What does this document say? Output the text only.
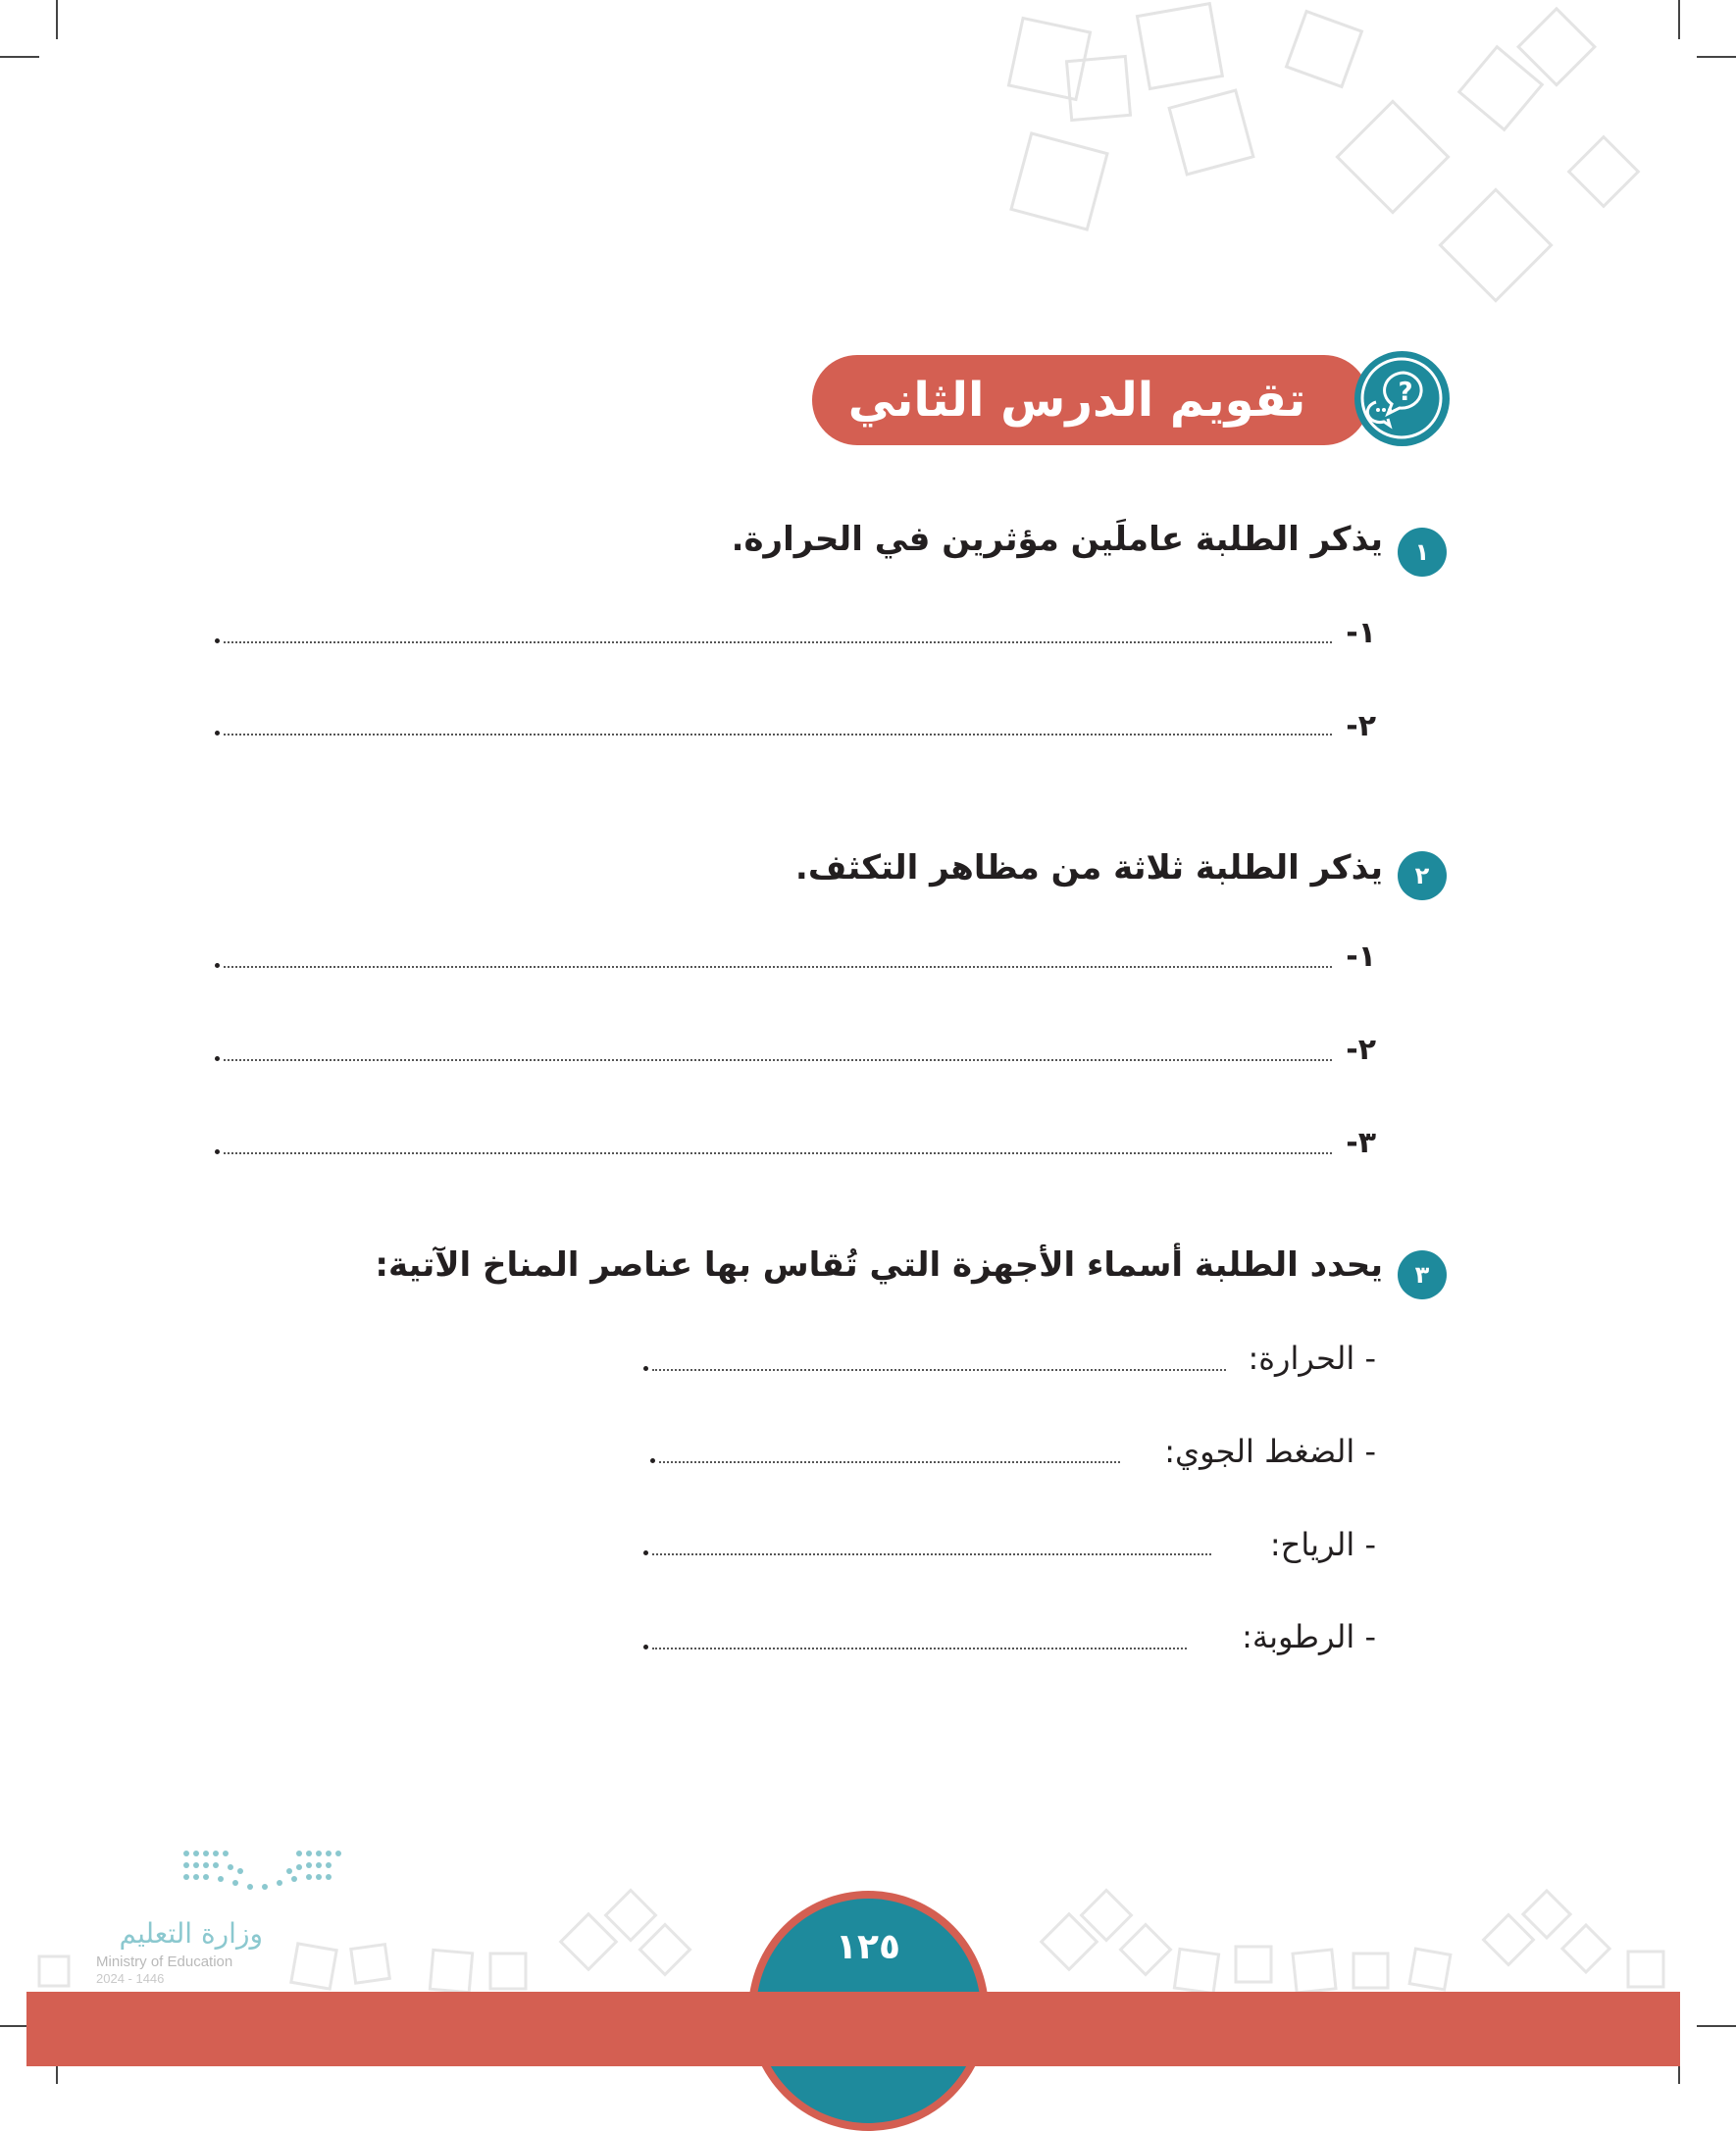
تقويم الدرس الثاني عشر
?
١
يذكر الطلبة عاملَين مؤثرين في الحرارة.
١-
٢-
٢
يذكر الطلبة ثلاثة من مظاهر التكثف.
١-
٢-
٣-
٣
يحدد الطلبة أسماء الأجهزة التي تُقاس بها عناصر المناخ الآتية:
- الحرارة:
- الضغط الجوي:
- الرياح:
- الرطوبة:
وزارة التعليم
Ministry of Education
2024 - 1446
١٢٥
